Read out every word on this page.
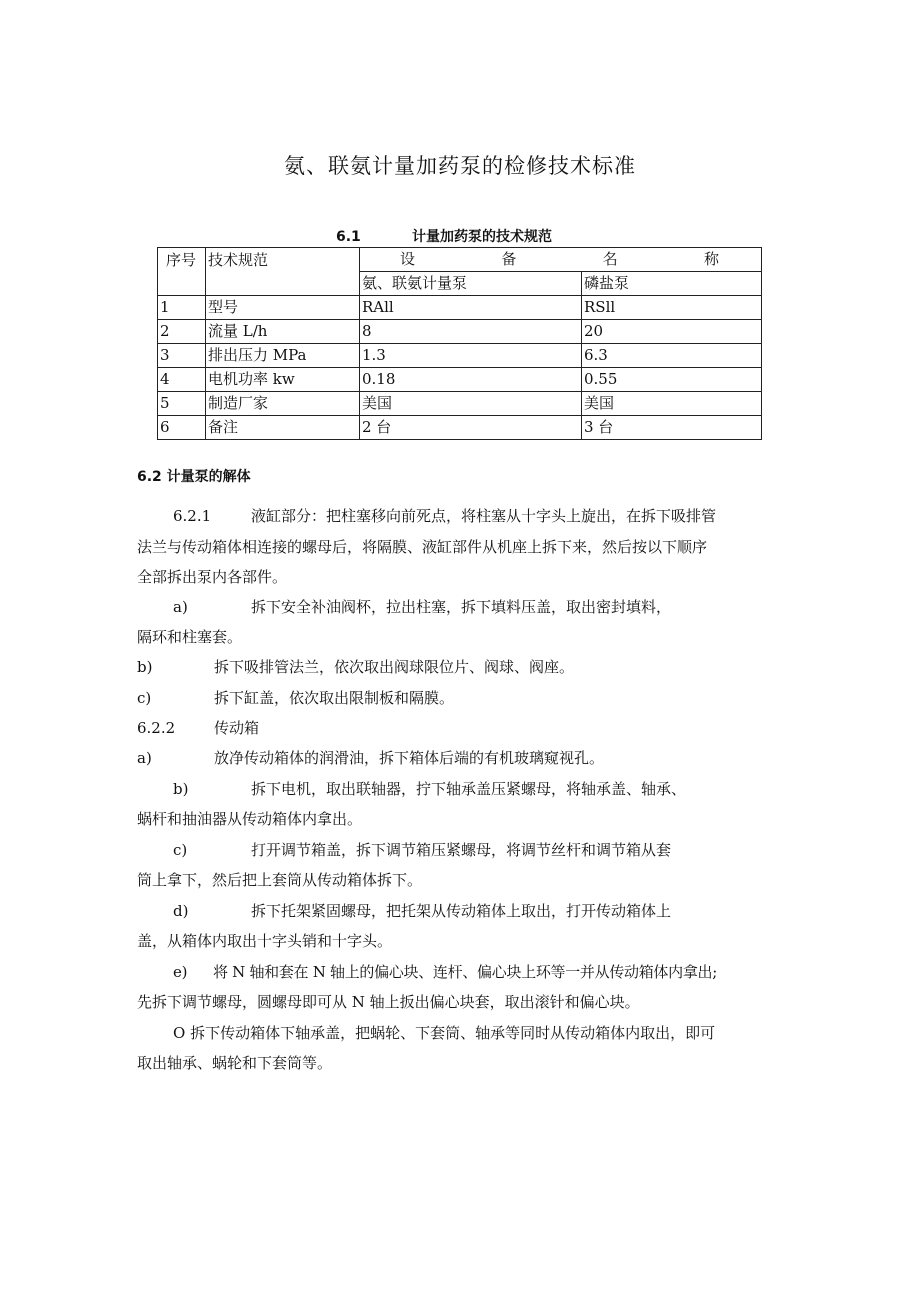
氨、联氨计量加药泵的检修技术标准
6.1	计量加药泵的技术规范
序号	技术规范	设 备 名 称	

		氨、联氨计量泵	磷盐泵
1	型号	RAll	RSll
2	流量 L/h	8	20
3	排出压力 MPa	1.3	6.3
4	电机功率 kw	0.18	0.55
5	制造厂家	美国	美国
6	备注	2 台	3 台
6.2 计量泵的解体
6.2.1	液缸部分：把柱塞移向前死点，将柱塞从十字头上旋出，在拆下吸排管
法兰与传动箱体相连接的螺母后，将隔膜、液缸部件从机座上拆下来，然后按以下顺序
全部拆出泵内各部件。
a)	拆下安全补油阀杯，拉出柱塞，拆下填料压盖，取出密封填料，
隔环和柱塞套。
b)	拆下吸排管法兰，依次取出阀球限位片、阀球、阀座。
c)	拆下缸盖，依次取出限制板和隔膜。
6.2.2	传动箱
a)	放净传动箱体的润滑油，拆下箱体后端的有机玻璃窥视孔。
b)	拆下电机，取出联轴器，拧下轴承盖压紧螺母，将轴承盖、轴承、
蜗杆和抽油器从传动箱体内拿出。
c)	打开调节箱盖，拆下调节箱压紧螺母，将调节丝杆和调节箱从套
筒上拿下，然后把上套筒从传动箱体拆下。
d)	拆下托架紧固螺母，把托架从传动箱体上取出，打开传动箱体上
盖，从箱体内取出十字头销和十字头。
e) 将 N 轴和套在 N 轴上的偏心块、连杆、偏心块上环等一并从传动箱体内拿出;
先拆下调节螺母，圆螺母即可从 N 轴上扳出偏心块套，取出滚针和偏心块。
O 拆下传动箱体下轴承盖，把蜗轮、下套筒、轴承等同时从传动箱体内取出，即可
取出轴承、蜗轮和下套筒等。
